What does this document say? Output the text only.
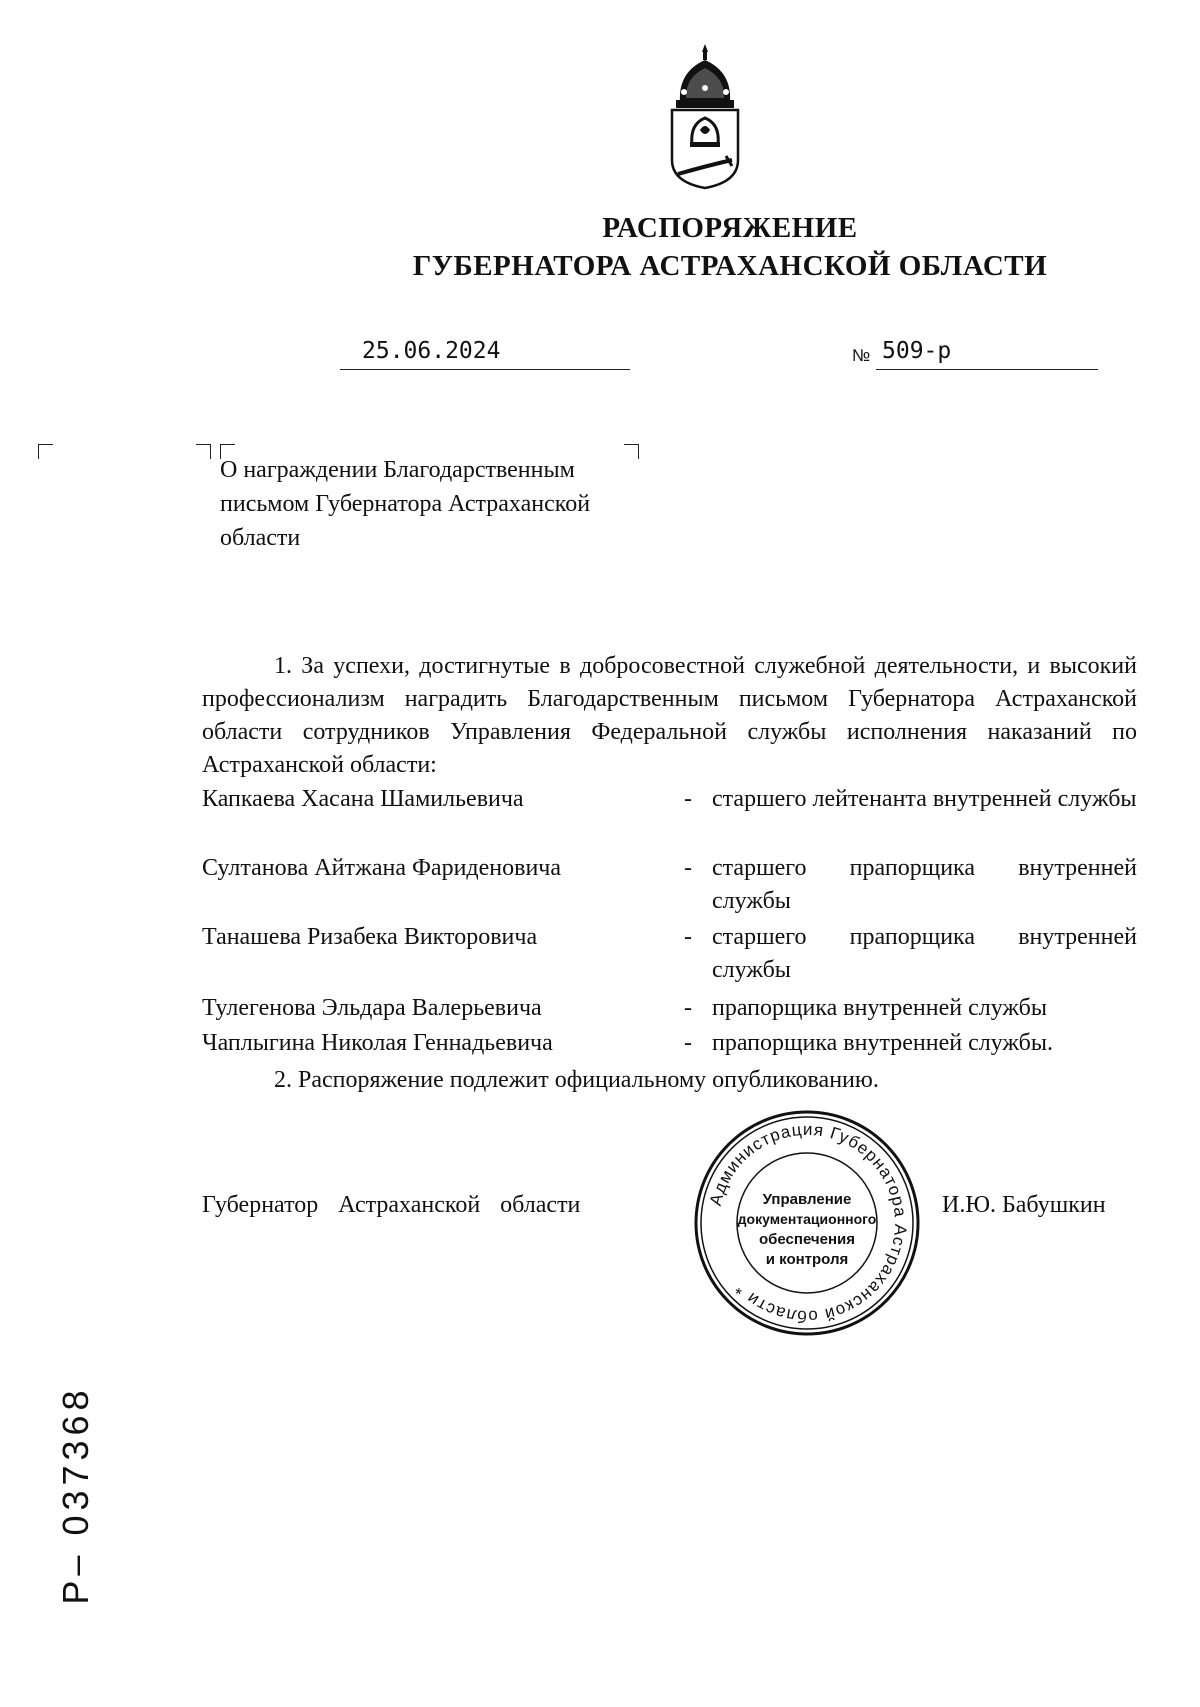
РАСПОРЯЖЕНИЕ
ГУБЕРНАТОРА АСТРАХАНСКОЙ ОБЛАСТИ
25.06.2024	№ 509-р
О награждении Благодарственным письмом Губернатора Астраханской области
1. За успехи, достигнутые в добросовестной служебной деятельности, и высокий профессионализм наградить Благодарственным письмом Губернатора Астраханской области сотрудников Управления Федеральной службы исполнения наказаний по Астраханской области:
Капкаева Хасана Шамильевича	- старшего лейтенанта внутренней службы
Султанова Айтжана Фариденовича	- старшего прапорщика внутренней службы
Танашева Ризабека Викторовича	- старшего прапорщика внутренней службы
Тулегенова Эльдара Валерьевича	- прапорщика внутренней службы
Чаплыгина Николая Геннадьевича	- прапорщика внутренней службы.
2. Распоряжение подлежит официальному опубликованию.
Губернатор Астраханской области	Администрация Губернатора Астраханской области *
Управление
документационного
обеспечения
и контроля
И.Ю. Бабушкин
Р– 037368
